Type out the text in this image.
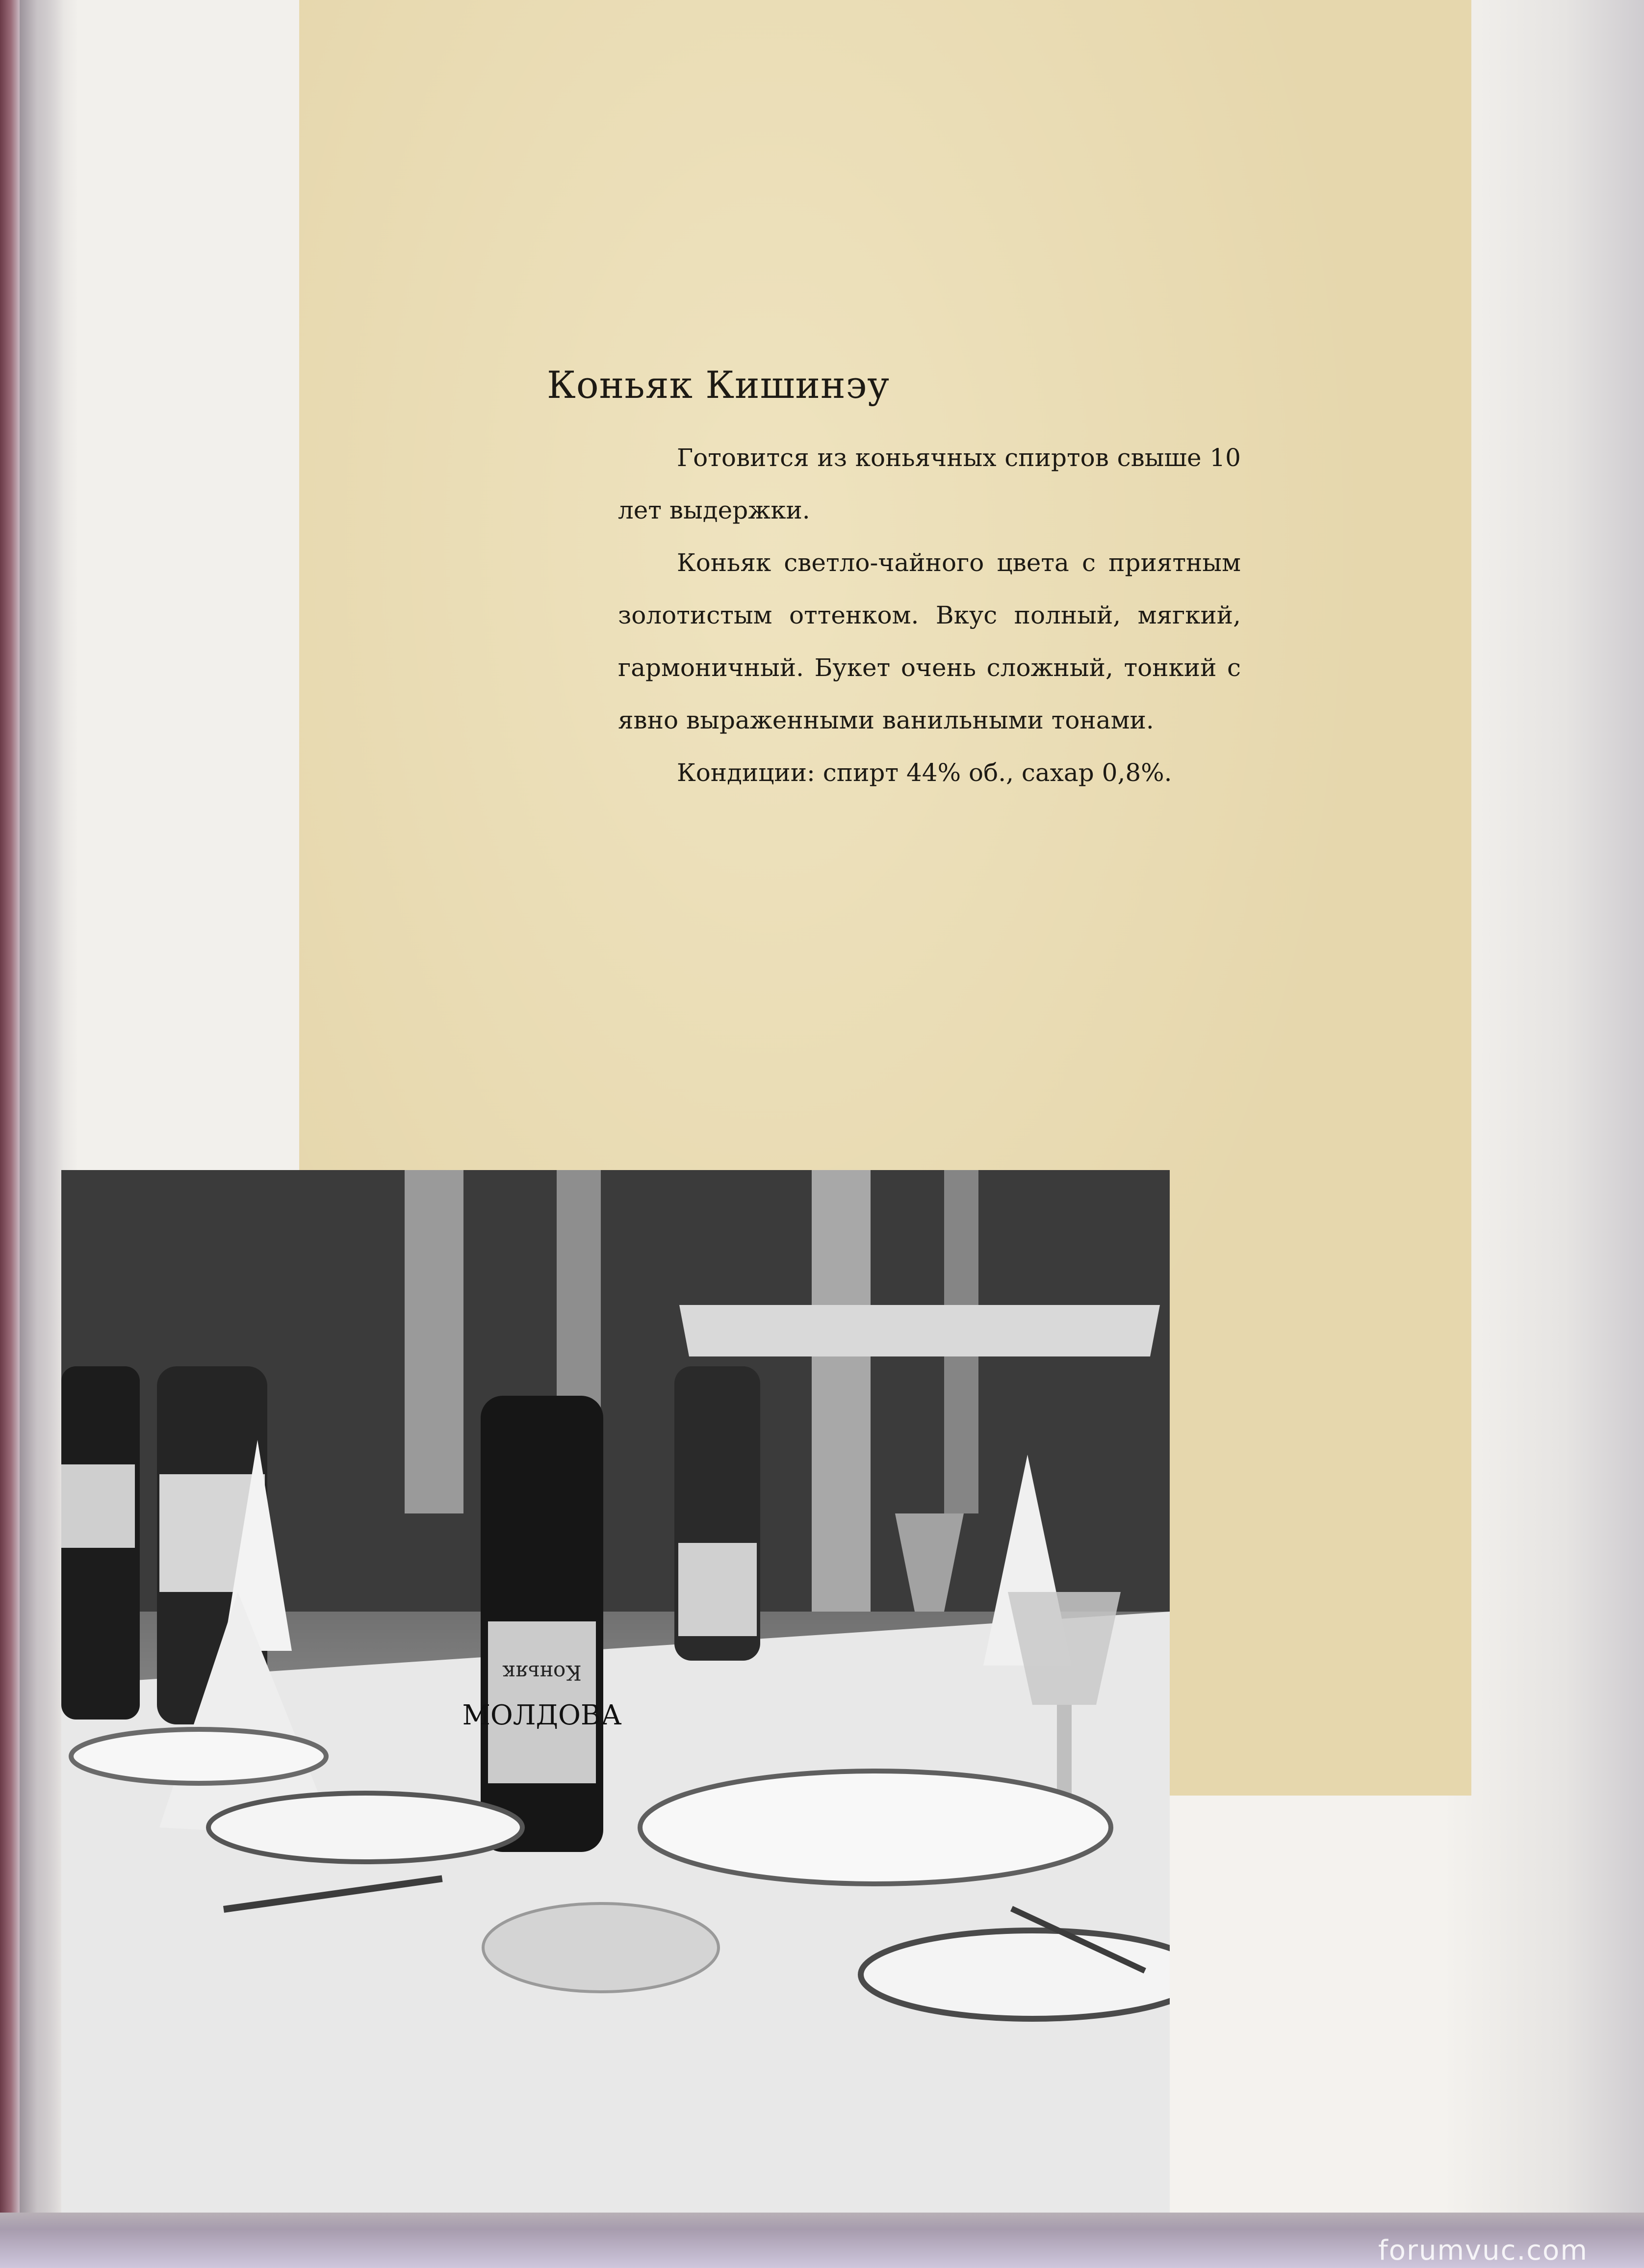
Коньяк Кишинэу

Готовится из коньячных спиртов свыше 10 лет выдержки.

Коньяк светло-чайного цвета с приятным золотистым оттенком. Вкус полный, мягкий, гармоничный. Букет очень сложный, тонкий с явно выраженными ванильными тонами.

Кондиции: спирт 44% об., сахар 0,8%.

Коньяк
МОЛДОВА
forumvuc.com
